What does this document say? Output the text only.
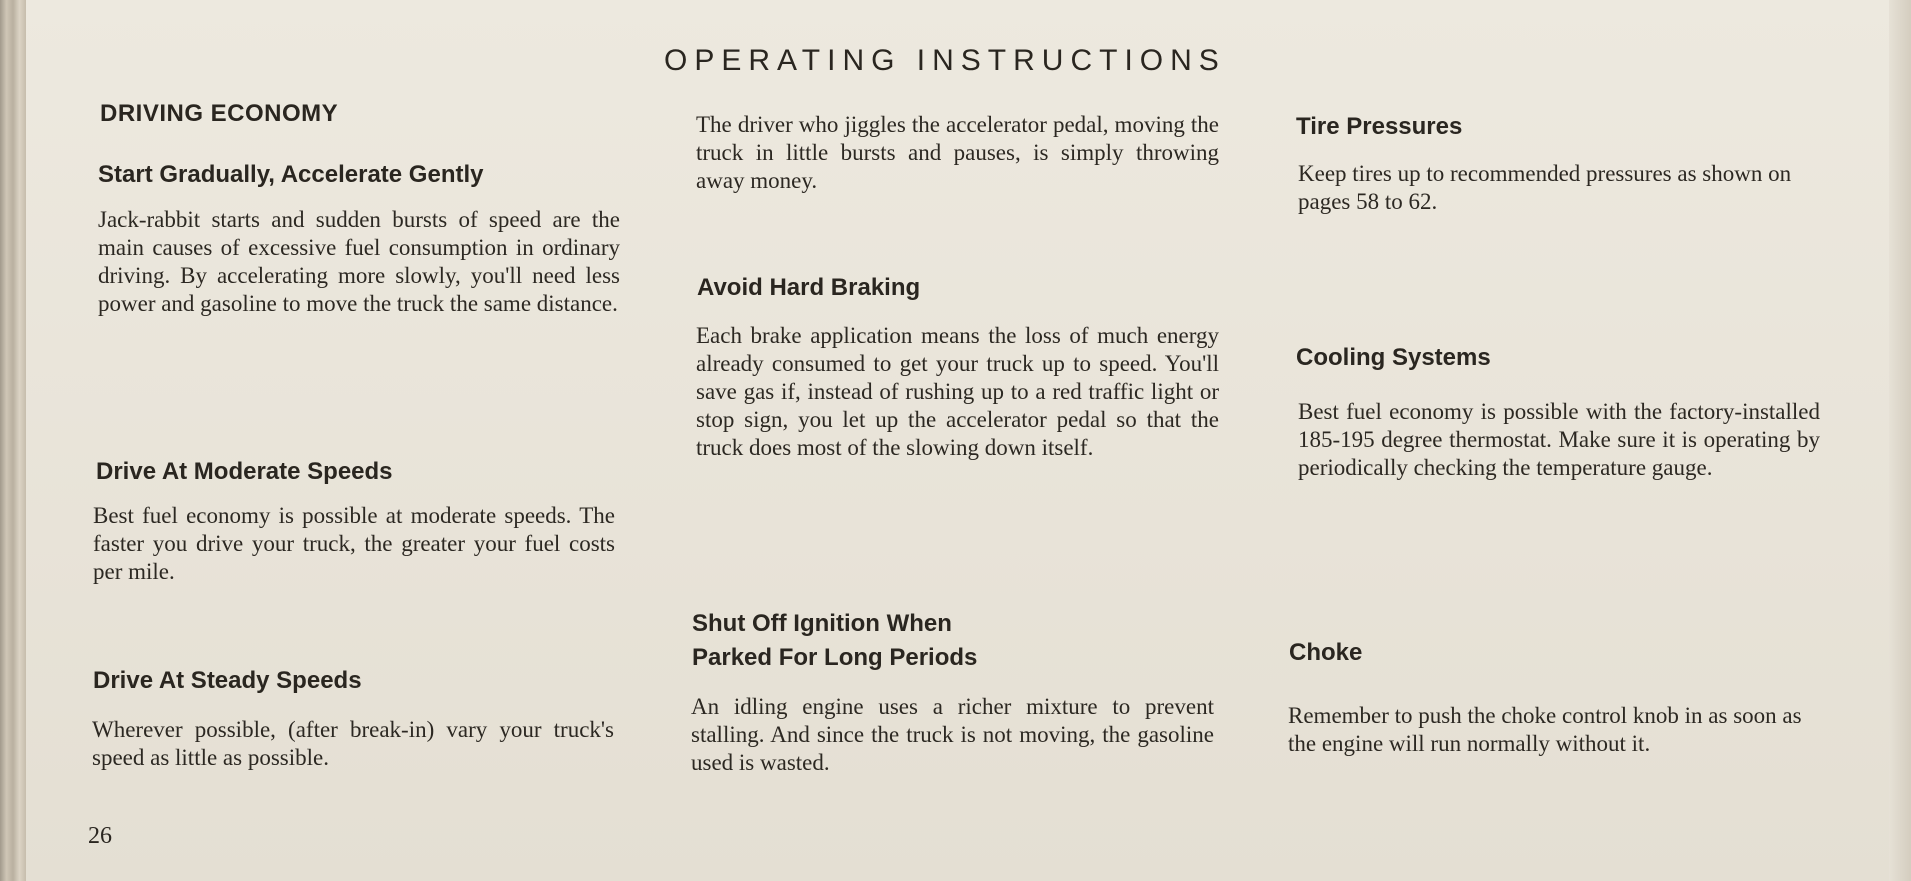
OPERATING INSTRUCTIONS
DRIVING ECONOMY
Start Gradually, Accelerate Gently
Jack-rabbit starts and sudden bursts of speed are the main causes of excessive fuel consumption in ordinary driving. By accelerating more slowly, you'll need less power and gasoline to move the truck the same distance.
Drive At Moderate Speeds
Best fuel economy is possible at moderate speeds. The faster you drive your truck, the greater your fuel costs per mile.
Drive At Steady Speeds
Wherever possible, (after break-in) vary your truck's speed as little as possible.
26
The driver who jiggles the accelerator pedal, moving the truck in little bursts and pauses, is simply throwing away money.
Avoid Hard Braking
Each brake application means the loss of much energy already consumed to get your truck up to speed. You'll save gas if, instead of rushing up to a red traffic light or stop sign, you let up the accelerator pedal so that the truck does most of the slowing down itself.
Shut Off Ignition When
Parked For Long Periods
An idling engine uses a richer mixture to prevent stalling. And since the truck is not moving, the gasoline used is wasted.
Tire Pressures
Keep tires up to recommended pressures as shown on pages 58 to 62.
Cooling Systems
Best fuel economy is possible with the factory-installed 185-195 degree thermostat. Make sure it is operating by periodically checking the temperature gauge.
Choke
Remember to push the choke control knob in as soon as the engine will run normally without it.
